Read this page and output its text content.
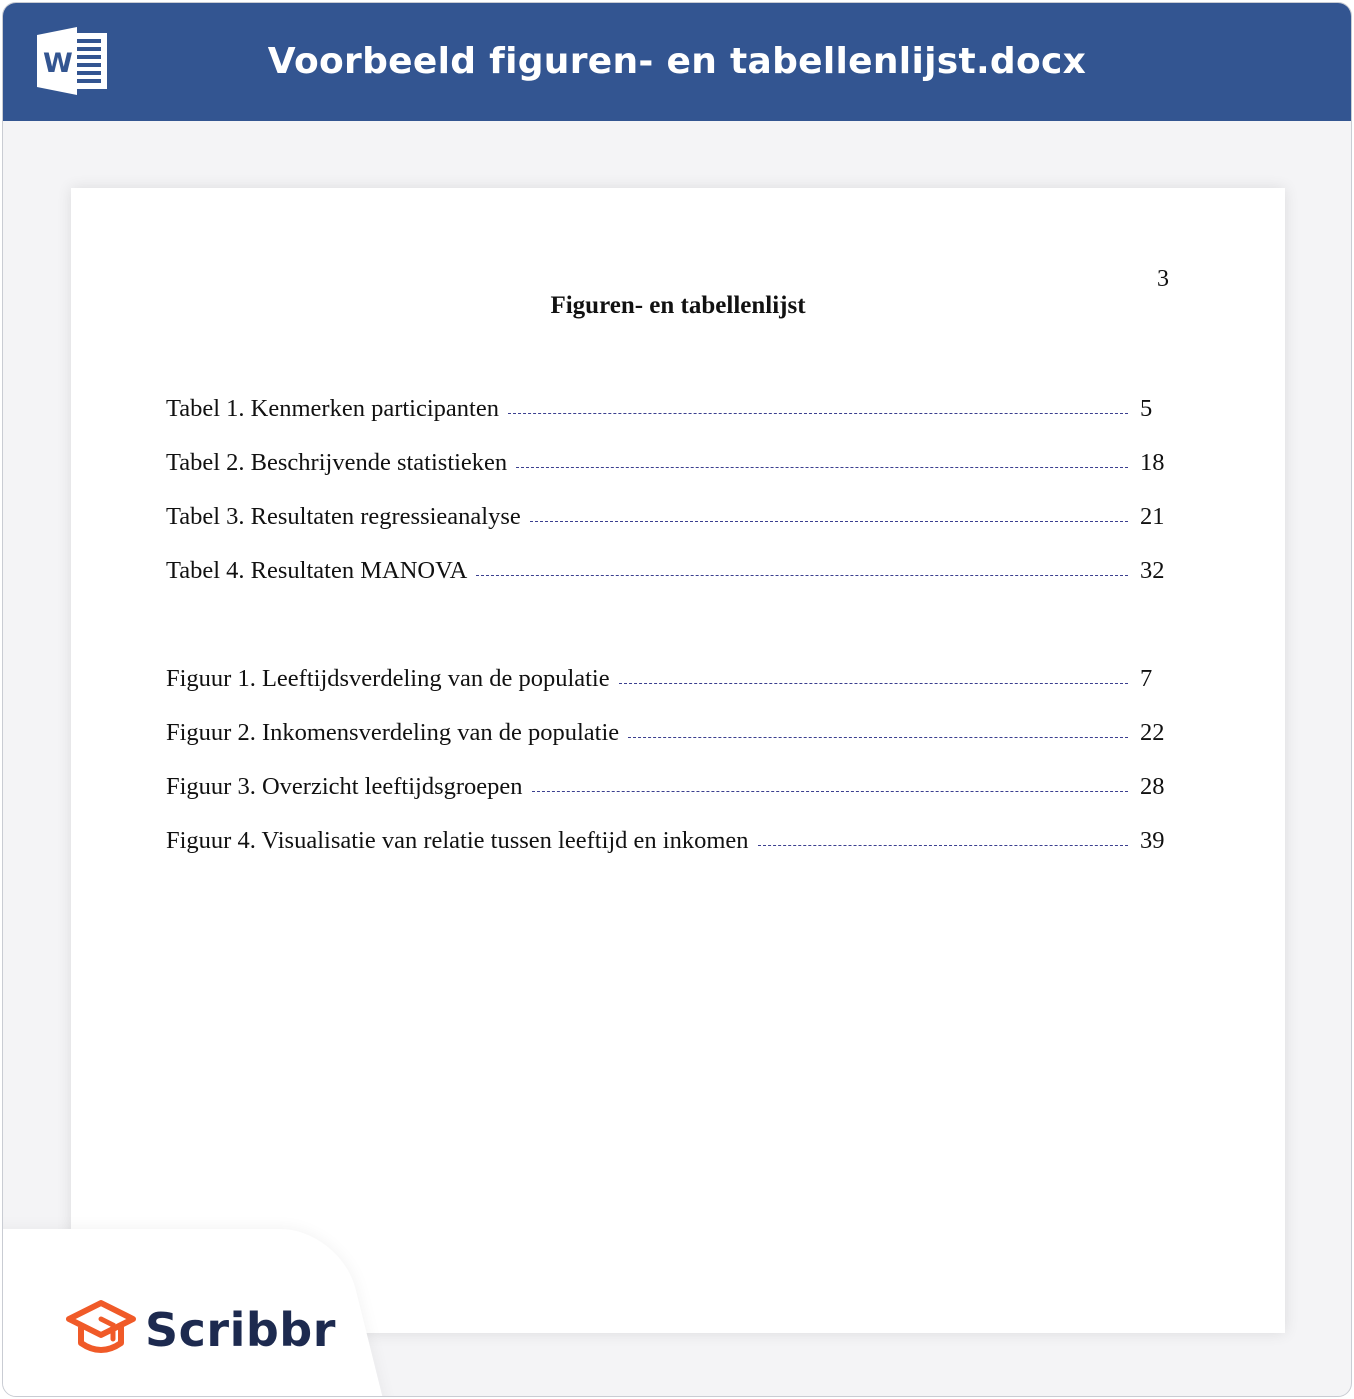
W	Voorbeeld figuren- en tabellenlijst.docx
3
Figuren- en tabellenlijst
Tabel 1. Kenmerken participanten	5
Tabel 2. Beschrijvende statistieken	18
Tabel 3. Resultaten regressieanalyse	21
Tabel 4. Resultaten MANOVA	32
Figuur 1. Leeftijdsverdeling van de populatie	7
Figuur 2. Inkomensverdeling van de populatie	22
Figuur 3. Overzicht leeftijdsgroepen	28
Figuur 4. Visualisatie van relatie tussen leeftijd en inkomen	39
Scribbr
